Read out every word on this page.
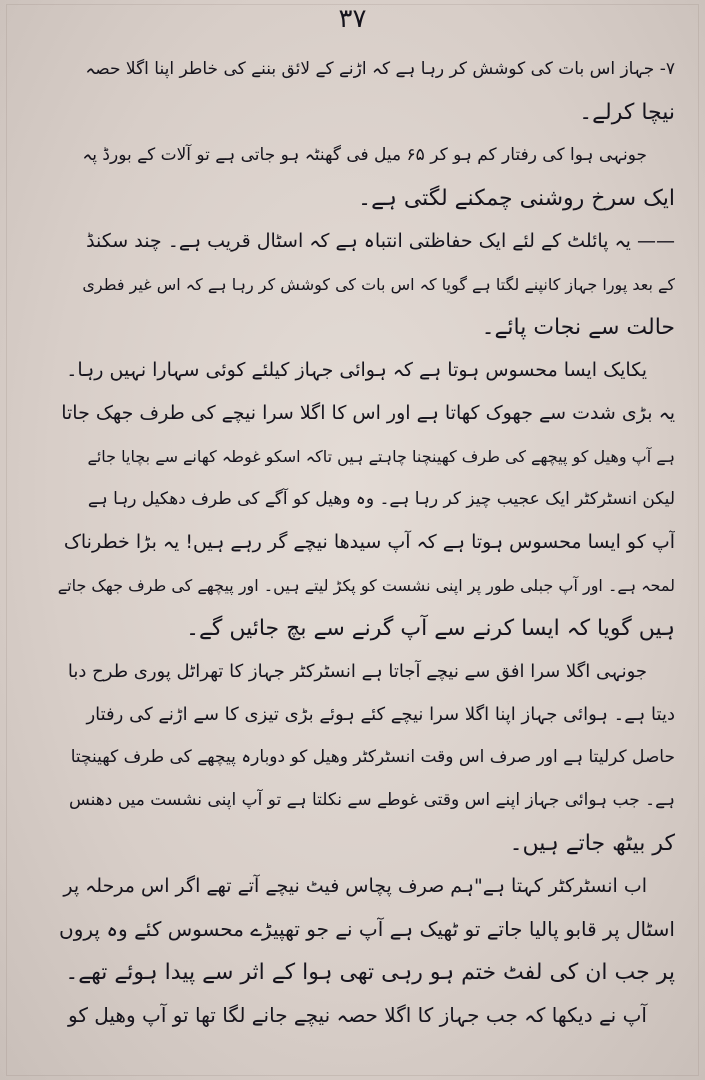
۳۷
۷- جہاز اس بات کی کوشش کر رہا ہے کہ اڑنے کے لائق بننے کی خاطر اپنا اگلا حصہ
نیچا کرلے۔
جونہی ہوا کی رفتار کم ہو کر ۶۵ میل فی گھنٹہ ہو جاتی ہے تو آلات کے بورڈ پہ
ایک سرخ روشنی چمکنے لگتی ہے۔
—— یہ پائلٹ کے لئے ایک حفاظتی انتباہ ہے کہ اسٹال قریب ہے۔ چند سکنڈ
کے بعد پورا جہاز کانپنے لگتا ہے گویا کہ اس بات کی کوشش کر رہا ہے کہ اس غیر فطری
حالت سے نجات پائے۔
یکایک ایسا محسوس ہوتا ہے کہ ہوائی جہاز کیلئے کوئی سہارا نہیں رہا۔
یہ بڑی شدت سے جھوک کھاتا ہے اور اس کا اگلا سرا نیچے کی طرف جھک جاتا
ہے آپ وھیل کو پیچھے کی طرف کھینچنا چاہتے ہیں تاکہ اسکو غوطہ کھانے سے بچایا جائے
لیکن انسٹرکٹر ایک عجیب چیز کر رہا ہے۔ وہ وھیل کو آگے کی طرف دھکیل رہا ہے
آپ کو ایسا محسوس ہوتا ہے کہ آپ سیدھا نیچے گر رہے ہیں! یہ بڑا خطرناک
لمحہ ہے۔ اور آپ جبلی طور پر اپنی نشست کو پکڑ لیتے ہیں۔ اور پیچھے کی طرف جھک جاتے
ہیں گویا کہ ایسا کرنے سے آپ گرنے سے بچ جائیں گے۔
جونہی اگلا سرا افق سے نیچے آجاتا ہے انسٹرکٹر جہاز کا تھراٹل پوری طرح دبا
دیتا ہے۔ ہوائی جہاز اپنا اگلا سرا نیچے کئے ہوئے بڑی تیزی کا سے اڑنے کی رفتار
حاصل کرلیتا ہے اور صرف اس وقت انسٹرکٹر وھیل کو دوبارہ پیچھے کی طرف کھینچتا
ہے۔ جب ہوائی جہاز اپنے اس وقتی غوطے سے نکلتا ہے تو آپ اپنی نشست میں دھنس
کر بیٹھ جاتے ہیں۔
اب انسٹرکٹر کہتا ہے"ہم صرف پچاس فیٹ نیچے آتے تھے اگر اس مرحلہ پر
اسٹال پر قابو پالیا جاتے تو ٹھیک ہے آپ نے جو تھپیڑے محسوس کئے وہ پروں
پر جب ان کی لفٹ ختم ہو رہی تھی ہوا کے اثر سے پیدا ہوئے تھے۔
آپ نے دیکھا کہ جب جہاز کا اگلا حصہ نیچے جانے لگا تھا تو آپ وھیل کو
